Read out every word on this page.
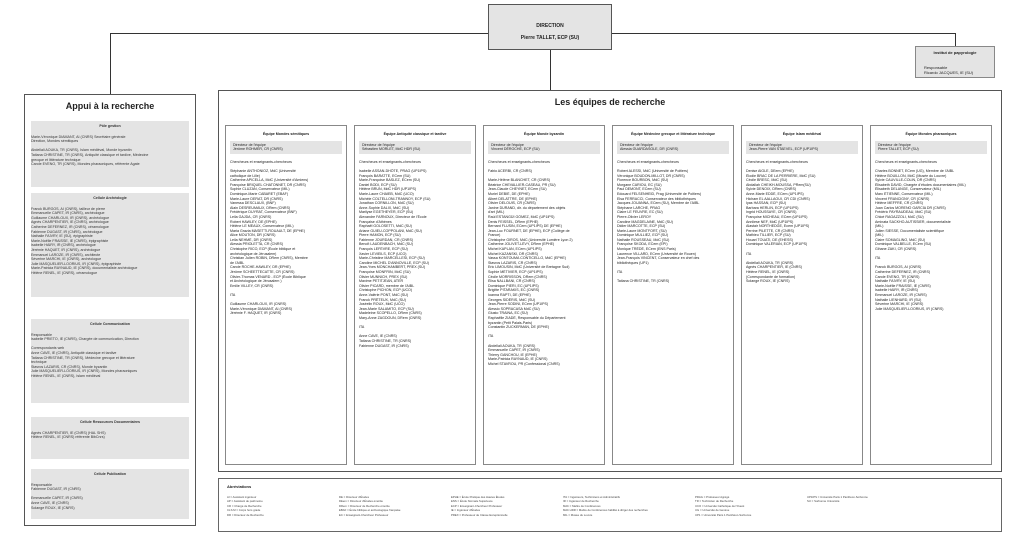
DIRECTION
Pierre TALLET, ECP (SU)
Institut de papyrologie
Responsable
Ricardo JACQUES, IE (SU)
Appui à la recherche
Pôle gestion
Marie-Véronique DIAMANT, AI (CNRS) Secrétaire générale
Direction, Mondes sémitiques
Abdellali AOUKA, TR (CNRS), Islam médiéval, Monde byzantin
Tatiana CHRISTINE, TR (CNRS), Antiquité classique et tardive, Médecine
grecque et littérature technique
Carole EVENO, TR (CNRS), Mondes pharaoniques, référente Agate
Cellule Archéologie
Franck BURGOS, AI (CNRS), tailleur de pierre
Emmanuelle CAPET, IR (CNRS), archéologue
Guillaume CHARLOUX, IR (CNRS), archéologue
Agnès CHARPENTIER, IE (CNRS), archéologue
Catherine DEFERNEZ, IR (CNRS), céramologue
Fabienne DUGAST, IR (CNRS), archéologue
Nathalie FAIVRY, IE (SU), épigraphiste
Marie-Noëlle FRAISSE, IE (CNRS), épigraphiste
Isabelle HAIRY, IR (CNRS), archéologue
Jérémie HAQUET, IR (CNRS), archéologue
Emmanuel LAROZE, IR (CNRS), architecte
Séverine MARCHI, IE (CNRS), archéologue
Julie MASQUELIER-LOORIUS, IR (CNRS), épigraphiste
Marie-Patricia RAYNAUD, IE (CNRS), documentaliste archéologue
Hélène RENEL, IE (CNRS), céramologue
Cellule Communication
Responsable
Isabelle PRIETO, IE (CNRS), Chargée de communication, Direction
Correspondants web
Anne CAVE, IE (CNRS), Antiquité classique et tardive
Tatiana CHRISTINE, TR (CNRS), Médecine grecque et littérature
technique
Stavros LAZARIS, CR (CNRS), Monde byzantin
Julie MASQUELIER-LOORIUS, IR (CNRS), Mondes pharaoniques
Hélène RENEL, IE (CNRS), Islam médiéval
Cellule Ressources Documentaires
Agnès CHARPENTIER, IE (CNRS) (HAL SHS)
Hélène RENEL, IE (CNRS) référente BibCnrs)
Cellule Publication
Responsable
Fabienne DUGAST, IR (CNRS)
Emmanuelle CAPET, IR (CNRS)
Anne CAVE, IE (CNRS)
Solange ROUX, IE (CNRS)
Les équipes de recherche
Équipe Mondes sémitiques
Directeur de l'équipe
Jérôme ROHMER, CR (CNRS)
Chercheurs et enseignants-chercheurs
Stéphanie ANTHONIOZ, MdC (Université
catholique de Lille)
Catherine APICELLA, MdC (Université d'Amiens)
Françoise BRIQUEL CHATONNET, DR (CNRS)
Sophie CLUZAN, Conservateur (MIL)
Dominique-Marie CABARET (EBAF)
Marie-Laure DERAT, DR (CNRS)
Vanessa DESCLAUX, (BNF)
Alain DESREUMAUX, DRem (CNRS)
Frédérique DUYRAT, Conservateur (BNF)
Leila GAJDA, CR (CNRS)
Robert HAWLEY, DE (EPHE)
Hélène LE MEAUX, Conservateur (MIL)
Maria Grazia MASETTI-ROUAULT, DE (EPHE)
Alice MOUTON, DR (CNRS)
Leila NEHMÉ, DR (CNRS)
Alessia PRIOLETTA, CR (CNRS)
Christophe RICO, ECP (École biblique et
archéologique de Jérusalem)
Christian Julien ROBIN, DRem (CNRS), Membre
de l'AIBL
Carole ROCHE-HAWLEY, DR (EPHE)
Jérôme SCHEETTECATTE, CR (CNRS)
Olivier-Thomas VENARD - ECP (École Biblique
et Archéologique de Jérusalem )
Emilie VILLEY, CR (CNRS)
ITA
Guillaume CHARLOUX, IR (CNRS)
Marie-Véronique DIAMANT, AI (CNRS)
Jérémie F. HAQUET, IR (CNRS)
Équipe Antiquité classique et tardive
Directeur de l'équipe
Sébastien MORLET, MdC HDR (SU)
Chercheurs et enseignants-chercheurs
Isabelle ASSAN-DHÔTE, PRAG (UP1IPS)
François BARATTE, ECem (SU)
Marie-Françoise BASLEZ, ECem (SU)
Daniel BODI, ECP (SU)
Hélène BRUN, MdC HDR (UP1IPS)
Marie-Laure CHAIEB, MdC (UCO)
Michèle COLTELLONI-TRANNOY, ECP (SU)
Jonathan CORNILLON, MdC (SU)
Anne-Sophie DALIX, MdC (SU)
Marilyse EGETHEYER, ECP (SU)
Alexandre FARNOUX, Directeur de l'École
Française d'Athènes
Raphaël GOLOSETTI, MdC (SU)
Ariane GUIEU-COPPOLANI, MdC (SU)
Pierre HAMON, ECP (SU)
Fabienne JOURDAN, CR (CNRS)
Benoît LAUDENBACH, MdC (SU)
François LEFÈVRE, ECP (SU)
Xavier LEVIEILS, ECP (UCO)
Marie-Christine MARCELLESI, ECP (SU)
Caroline MICHEL D'ANNOVILLE, ECP (SU)
Jean-Yves MONCHAMBERT, PREX (SU)
Françoise MONFRIN, MdC (SU)
Olivier MUNNICH, PREX (SU)
Maxime PETITJEAN, ATER
Olivier PICARD, membre de l'AIBL
Christophe PICHON, ECP (UCO)
Anne-Valérie PONT, MdC (SU)
Franck PRÊTEUX, MdC (SU)
Joséelin ROUX, MdC (UCO)
Jean-Marie SALAMITO, ECP (SU)
Madeleine SCOPELLO, DRem (CNRS)
Mary-Anne ZAGDOUN, DRem (CNRS)
ITA
Anne CAVE, IE (CNRS)
Tatiana CHRISTINE, TR (CNRS)
Fabienne DUGAST, IR (CNRS)
Équipe Monde byzantin
Directeur de l'équipe
Vincent DÉROCHE, ECP (SU)
Chercheurs et enseignants-chercheurs
Fabio ACERBI, CR (CNRS)
Marie-Hélène BLANCHET, CR (CNRS)
Béatrice CHEVALLIER-CASEAU, PR (SU)
Jean-Claude CHEYNET, ECem (SU)
Muriel DEBIÉ, DE (EPHE)
Albert DELATTRE, DE (EPHE)
Olivier DELOUIS, CR (CNRS)
Janine DURAND, dir. du département des objets
d'art (MIL)
Raúl ESTANGÜI GÓMEZ, MdC (UP1IPS)
Denis FEISSEL, DRem (EPHE)
Bernard FLUSIN, ECem (UP1IPS) DE (EPHE)
Jean-Luc FOURNET, DE (EPHE), ECP (Collège de
France)
Christophe GIROS, MdC (Université Lumière Lyon 2)
Catherine JOLIVET-LÉVY, DRem (EPHE)
Michel KAPLAN, ECem (UP1IPS)
Michel KAZANSKI, DR (CNRS)
Vassa KONTOUMA CONTICELLO, MdC (EPHE)
Stavros LAZARIS, CR (CNRS)
Eric LIMOUSIN, MdC (Université de Bretagne Sud)
Sophie MÉTIVIER, ECP (UP1IPS)
Cécile MORRISSON, DRem (CNRS)
Élisa NALLBANI, CR (CNRS)
Dominique PIERI, EC (UP1IPS)
Brigitte PITARAKIS, EC (CNRS)
Ioanna RAPTI, DE (EPHE)
Georges SIDÉRIS, MdC (SU)
Jean-Pierre SODINI, ECem (UP1IPS)
Alessio SOPRACASA MdC (SU)
Giusto TRAINA, EC (SU)
Raphaëlle ZIADÉ, Responsable du Département
byzantin (Petit Palais-Paris)
Constantin ZUCKERMAN, DE (EPHE)
ITA
Abdellali AOUKA, TR (CNRS)
Emmanuelle CAPET, IR (CNRS)
Thierry GANCHOU, IE (EPHE)
Marie-Patricia RAYNAUD, IE (CNRS)
Michel STAVROU, PR (Confessional (CNRS)
Équipe Médecine grecque et littérature technique
Directeur de l'équipe
Alessia GUARDASOLE, DR (CNRS)
Chercheurs et enseignants-chercheurs
Robert ALESSI, MdC (Université de Poitiers)
Véronique BOUDON-MILLOT, DR (CNRS)
Florence BOURBON, MdC (SU)
Morgane CARIOU, EC (SU)
Paul DEMONT, ECem (SU)
Edouard FELSENHEID, Prag (Université de Poitiers)
Elsa FERRACCI, Conservateur des bibliothèques
Jacques JOUANNA, ECem (SU), Membre de l'AIBL
Stéphane LARCHE, PRAG
Claire LE FEUVRE, EC (SU)
Pierre-Olivier LEROY
Caroline MAGDELAINE, MdC (SU)
Didier MARCOTTE, ECP (SU)
Marie-Laure MONTFORT, (SU)
Dominique MULLIEZ, ECP (SU)
Nathalie ROUSSEAU, MdC (SU)
Françoise SKODA, ECem (EPI)
Monique TRÉDÉ, ECem (ENS Paris)
Laurence VILLARD, ECem (Université de Rouen)
Jean-François VINCENT, Conservateur en chef des
bibliothèques (UP1)
ITA
Tatiana CHRISTINE, TR (CNRS)
Équipe Islam médiéval
Directeur de l'équipe
Jean-Pierre VAN STAEVEL, ECP (UP1IPS)
Chercheurs et enseignants-chercheurs
Denise AIGLE, DEem (EPHE)
Élodie BRAC DE LA PERRIÈRE, MdC (SU)
Cécile BRESC, MdC (SU)
Abdallah CHEIKH-MOUSSA, PRem(SU)
Sylvie DENOIX, DRem (CNRS)
Anne-Marie EDDÉ, ECem (UP1IPS)
Hicham EL AALLAOUI, CR CDI (CNRS)
Iyas HASSAN, ECP (SU)
Barbara HERLIN, ECP (UP1IPS)
Ingrid HOUSSAYE, CR (CNRS)
Françoise MICHEAU, ECem (UP1IPS)
Annliese NEF, MdC (UP1IPS)
Alastair NORTHEDGE, Ecem (UP1IPS)
Perrine PILETTE, CR (CNRS)
Mathieu TILLIER, ECP (SU)
Houari TOUATI, DE (EHESS)
Dominique VALÉRIAN, ECP (UP1IPS)
ITA
Abdellali AOUKA, TR (CNRS)
Agnès CHARPENTIER, IE (CNRS)
Hélène RENEL, IE (CNRS)
(Correspondante de formation)
Solange ROUX, IE (CNRS)
Équipe Mondes pharaoniques
Directeur de l'équipe
Pierre TALLET, ECP (SU)
Chercheurs et enseignants-chercheurs
Charles BONNET, ECem (UG), Membre de l'AIBL
Hélène BOUILLON, MdC (Musée du Louvre)
Sylvie CAUVILLE-COLIN, DR (CNRS)
Élisabeth DAVID, Chargée d'études documentaires (MIL)
Élisabeth DELANGE, Conservateur (MIL)
Marc ÉTIENNE, Conservateur (MIL)
Vincent FRANCIGNY, CR (CNRS)
Hélène MEFFRE, CR (CNRS)
Juan Carlos MORENO GARCÍA DR (CNRS)
Frédéric PAYRAUDEAU, MdC (SU)
Chloé RAGAZZOLI, MdC (SU)
Aminata SACKHO-AUTISSIER, documentaliste
(MIL)
Julien SIESSE, Documentaliste scientifique
(MIL)
Claire SOMAGLINO, MdC (SU)
Dominique VALBELLE, ECem (SU)
Gihane ZAKI, CR (CNRS)
ITA
Franck BURGOS, AI (CNRS)
Catherine DEFERNEZ, IR (CNRS)
Carole ÉVENO, TR (CNRS)
Nathalie FAIVRY, IE (SU)
Marie-Noëlle FRAISSE, IE (CNRS)
Isabelle HAIRY, IR (CNRS)
Emmanuel LAROZE, IR (CNRS)
Nathalie LIENHARD, IR (SU)
Séverine MARCHI, IE (CNRS)
Julie MASQUELIER-LOORIUS, IR (CNRS)
Abréviations
AI = Assistant ingénieur
AP = Assistant de patrimoine
CR = Chargé de Recherche
CLS.M = Corps hors grade
DR = Directeur de Recherche
DE = Directeur d'Études
DEem = Directeur d'Études émérite
DRem = Directeur de Recherche émérite
EBAF = École biblique et archéologique française
EC = Enseignant-Chercheur Professeur
EPHE = École Pratique des Hautes Études
ENS = École Normale Supérieure
ECP = Enseignant-Chercheur Professeur
IE = Ingénieur d'Études
PREX = Professeur de Classe Exceptionnelle
ITA = Ingénieurs, Techniciens et Administratifs
IR = Ingénieur de Recherche
MdC = Maître de Conférences
MdC HDR = Maître de Conférences habilité à diriger des recherches
MIL = Musée du Louvre
PRAG = Professeur Agrégé
TR = Technicien de Recherche
UCO = Université Catholique de l'Ouest
UG = Université de Genève
UP1 = Université Paris 1 Panthéon-Sorbonne
UP1IPS = Université Paris 1 Panthéon-Sorbonne
SU = Sorbonne Université
